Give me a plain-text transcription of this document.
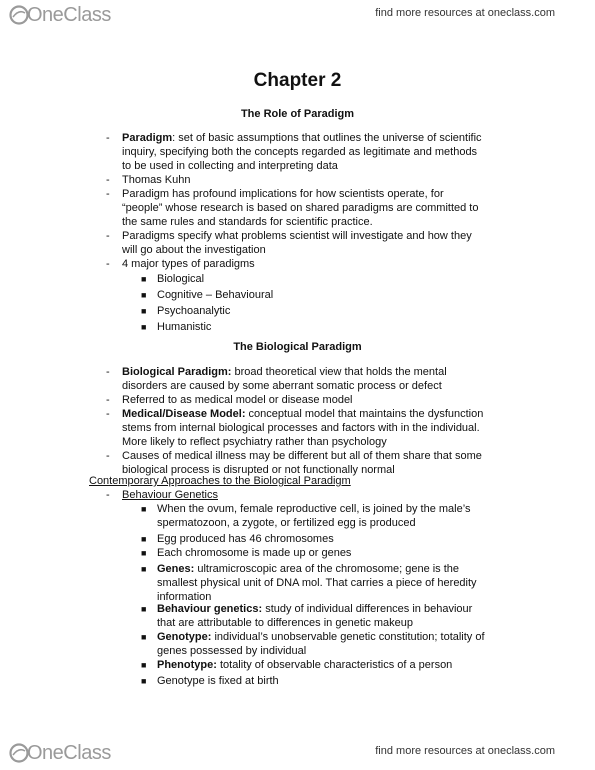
OneClass	find more resources at oneclass.com
Chapter 2
The Role of Paradigm
- Paradigm: set of basic assumptions that outlines the universe of scientific
inquiry, specifying both the concepts regarded as legitimate and methods
to be used in collecting and interpreting data
- Thomas Kuhn
- Paradigm has profound implications for how scientists operate, for
“people” whose research is based on shared paradigms are committed to
the same rules and standards for scientific practice.
- Paradigms specify what problems scientist will investigate and how they
will go about the investigation
- 4 major types of paradigms
■ Biological
■ Cognitive – Behavioural
■ Psychoanalytic
■ Humanistic
The Biological Paradigm
- Biological Paradigm: broad theoretical view that holds the mental
disorders are caused by some aberrant somatic process or defect
- Referred to as medical model or disease model
- Medical/Disease Model: conceptual model that maintains the dysfunction
stems from internal biological processes and factors with in the individual.
More likely to reflect psychiatry rather than psychology
- Causes of medical illness may be different but all of them share that some
biological process is disrupted or not functionally normal
Contemporary Approaches to the Biological Paradigm
- Behaviour Genetics
■ When the ovum, female reproductive cell, is joined by the male’s
spermatozoon, a zygote, or fertilized egg is produced
■ Egg produced has 46 chromosomes
■ Each chromosome is made up or genes
■ Genes: ultramicroscopic area of the chromosome; gene is the
smallest physical unit of DNA mol. That carries a piece of heredity
information
■ Behaviour genetics: study of individual differences in behaviour
that are attributable to differences in genetic makeup
■ Genotype: individual’s unobservable genetic constitution; totality of
genes possessed by individual
■ Phenotype: totality of observable characteristics of a person
■ Genotype is fixed at birth
OneClass	find more resources at oneclass.com
